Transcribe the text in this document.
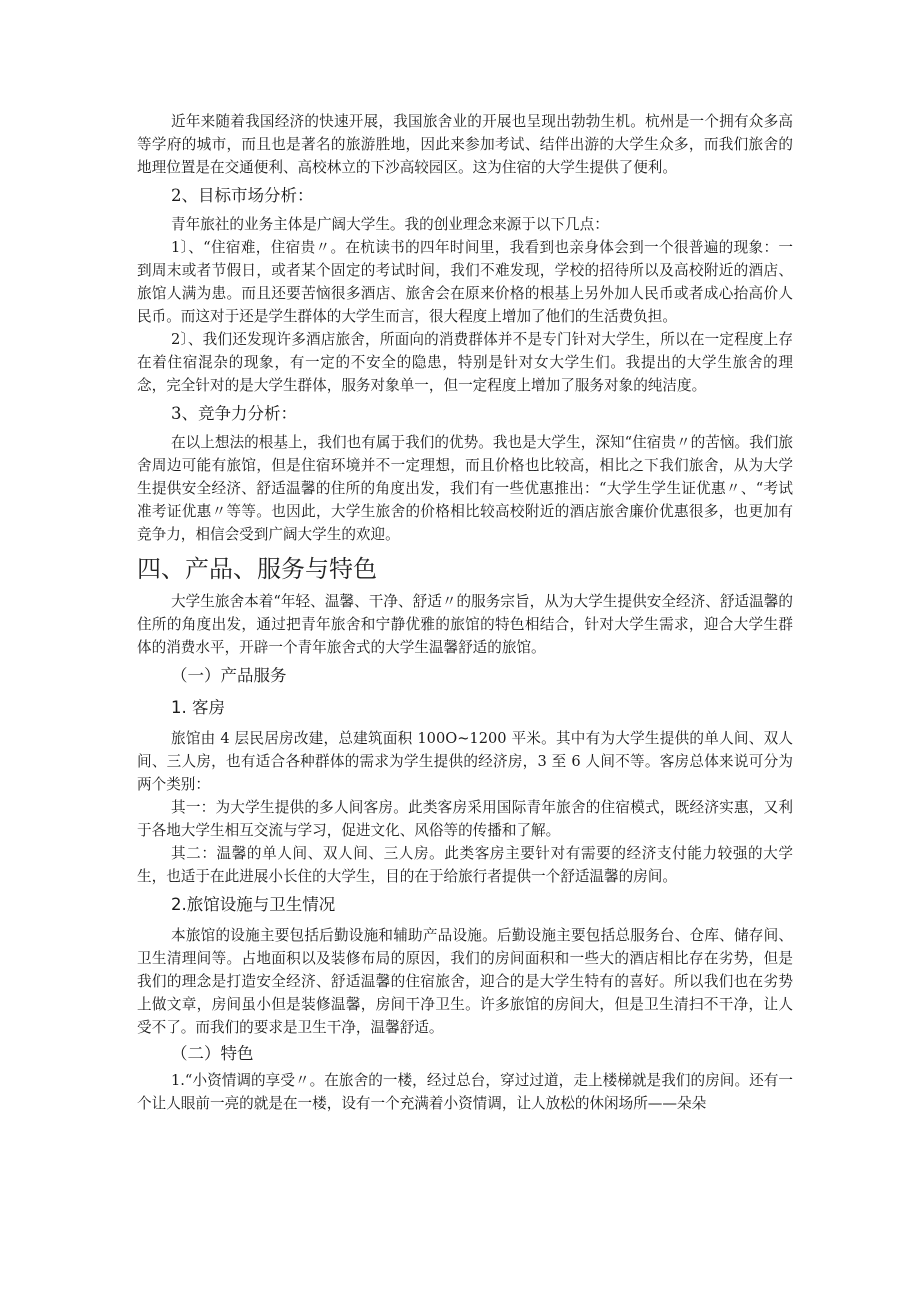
近年来随着我国经济的快速开展，我国旅舍业的开展也呈现出勃勃生机。杭州是一个拥有众多高等学府的城市，而且也是著名的旅游胜地，因此来参加考试、结伴出游的大学生众多，而我们旅舍的地理位置是在交通便利、高校林立的下沙高较园区。这为住宿的大学生提供了便利。

2、目标市场分析：

青年旅社的业务主体是广阔大学生。我的创业理念来源于以下几点：

1〕、“住宿难，住宿贵〃。在杭读书的四年时间里，我看到也亲身体会到一个很普遍的现象：一到周末或者节假日，或者某个固定的考试时间，我们不难发现，学校的招待所以及高校附近的酒店、旅馆人满为患。而且还要苦恼很多酒店、旅舍会在原来价格的根基上另外加人民币或者成心抬高价人民币。而这对于还是学生群体的大学生而言，很大程度上增加了他们的生活费负担。

2〕、我们还发现许多酒店旅舍，所面向的消费群体并不是专门针对大学生，所以在一定程度上存在着住宿混杂的现象，有一定的不安全的隐患，特别是针对女大学生们。我提出的大学生旅舍的理念，完全针对的是大学生群体，服务对象单一，但一定程度上增加了服务对象的纯洁度。

3、竞争力分析：

在以上想法的根基上，我们也有属于我们的优势。我也是大学生，深知“住宿贵〃的苦恼。我们旅舍周边可能有旅馆，但是住宿环境并不一定理想，而且价格也比较高，相比之下我们旅舍，从为大学生提供安全经济、舒适温馨的住所的角度出发，我们有一些优惠推出：“大学生学生证优惠〃、“考试准考证优惠〃等等。也因此，大学生旅舍的价格相比较高校附近的酒店旅舍廉价优惠很多，也更加有竞争力，相信会受到广阔大学生的欢迎。

四、产品、服务与特色

大学生旅舍本着“年轻、温馨、干净、舒适〃的服务宗旨，从为大学生提供安全经济、舒适温馨的住所的角度出发，通过把青年旅舍和宁静优雅的旅馆的特色相结合，针对大学生需求，迎合大学生群体的消费水平，开辟一个青年旅舍式的大学生温馨舒适的旅馆。

（一）产品服务
1. 客房

旅馆由 4 层民居房改建，总建筑面积 100O~1200 平米。其中有为大学生提供的单人间、双人间、三人房，也有适合各种群体的需求为学生提供的经济房，3 至 6 人间不等。客房总体来说可分为两个类别：

其一：为大学生提供的多人间客房。此类客房采用国际青年旅舍的住宿模式，既经济实惠，又利于各地大学生相互交流与学习，促进文化、风俗等的传播和了解。

其二：温馨的单人间、双人间、三人房。此类客房主要针对有需要的经济支付能力较强的大学生，也适于在此进展小长住的大学生，目的在于给旅行者提供一个舒适温馨的房间。

2.旅馆设施与卫生情况

本旅馆的设施主要包括后勤设施和辅助产品设施。后勤设施主要包括总服务台、仓库、储存间、卫生清理间等。占地面积以及装修布局的原因，我们的房间面积和一些大的酒店相比存在劣势，但是我们的理念是打造安全经济、舒适温馨的住宿旅舍，迎合的是大学生特有的喜好。所以我们也在劣势上做文章，房间虽小但是装修温馨，房间干净卫生。许多旅馆的房间大，但是卫生清扫不干净，让人受不了。而我们的要求是卫生干净，温馨舒适。

（二）特色

1.“小资情调的享受〃。在旅舍的一楼，经过总台，穿过过道，走上楼梯就是我们的房间。还有一个让人眼前一亮的就是在一楼，设有一个充满着小资情调，让人放松的休闲场所——朵朵
